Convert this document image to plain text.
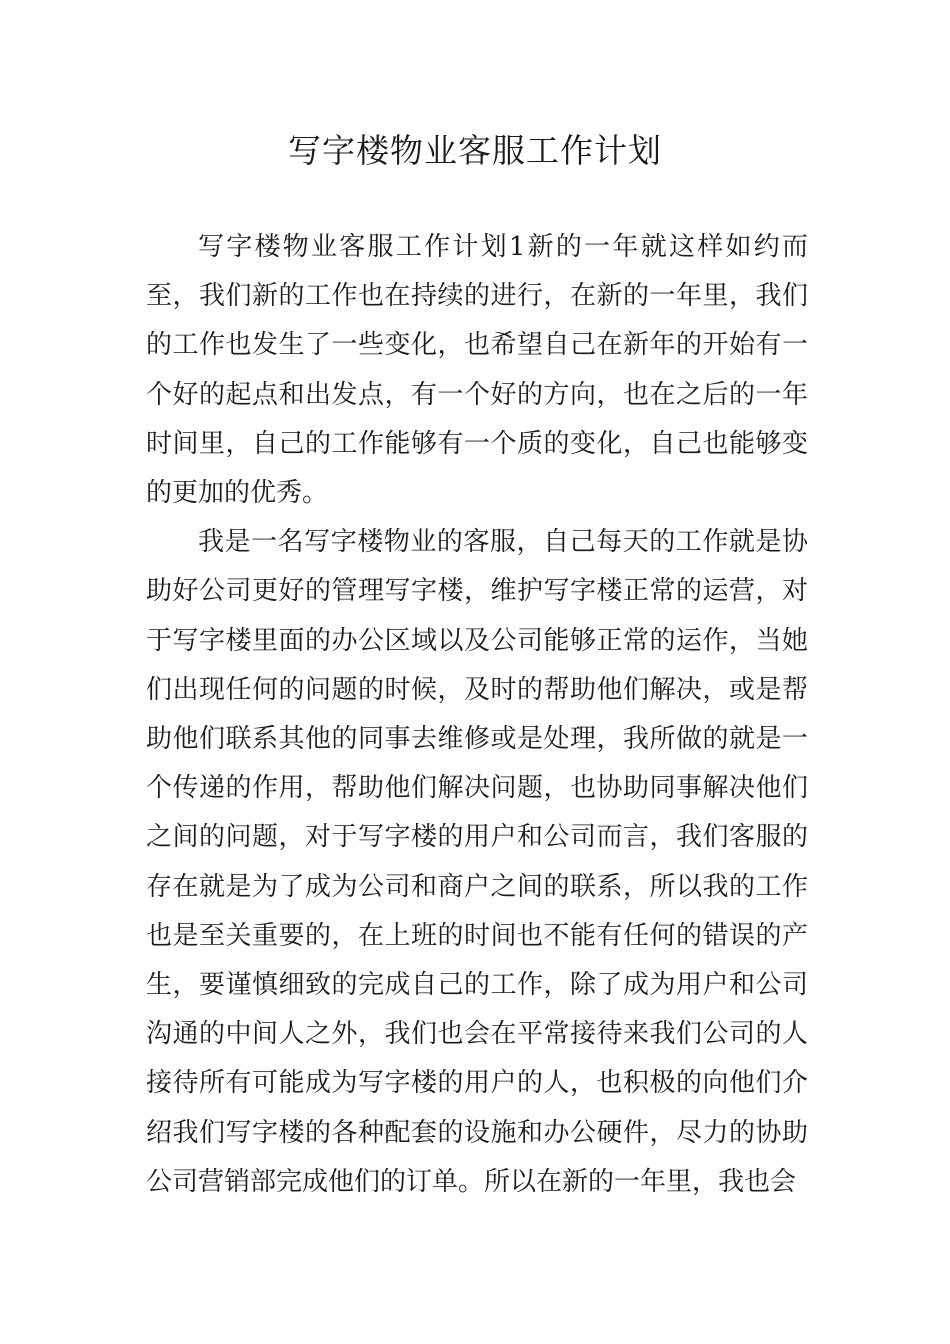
写字楼物业客服工作计划

写字楼物业客服工作计划1新的一年就这样如约而至，我们新的工作也在持续的进行，在新的一年里，我们的工作也发生了一些变化，也希望自己在新年的开始有一个好的起点和出发点，有一个好的方向，也在之后的一年时间里，自己的工作能够有一个质的变化，自己也能够变的更加的优秀。

我是一名写字楼物业的客服，自己每天的工作就是协助好公司更好的管理写字楼，维护写字楼正常的运营，对于写字楼里面的办公区域以及公司能够正常的运作，当她们出现任何的问题的时候，及时的帮助他们解决，或是帮助他们联系其他的同事去维修或是处理，我所做的就是一个传递的作用，帮助他们解决问题，也协助同事解决他们之间的问题，对于写字楼的用户和公司而言，我们客服的存在就是为了成为公司和商户之间的联系，所以我的工作也是至关重要的，在上班的时间也不能有任何的错误的产生，要谨慎细致的完成自己的工作，除了成为用户和公司沟通的中间人之外，我们也会在平常接待来我们公司的人接待所有可能成为写字楼的用户的人，也积极的向他们介绍我们写字楼的各种配套的设施和办公硬件，尽力的协助公司营销部完成他们的订单。所以在新的一年里，我也会
